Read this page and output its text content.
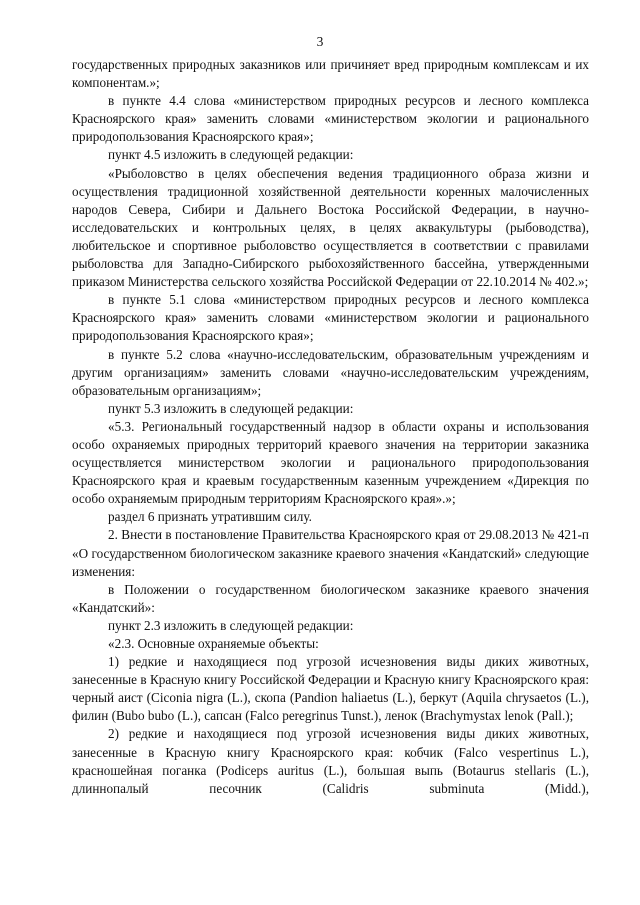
3

государственных природных заказников или причиняет вред природным комплексам и их компонентам.»;

в пункте 4.4 слова «министерством природных ресурсов и лесного комплекса Красноярского края» заменить словами «министерством экологии и рационального природопользования Красноярского края»;

пункт 4.5 изложить в следующей редакции:

«Рыболовство в целях обеспечения ведения традиционного образа жизни и осуществления традиционной хозяйственной деятельности коренных малочисленных народов Севера, Сибири и Дальнего Востока Российской Федерации, в научно-исследовательских и контрольных целях, в целях аквакультуры (рыбоводства), любительское и спортивное рыболовство осуществляется в соответствии с правилами рыболовства для Западно-Сибирского рыбохозяйственного бассейна, утвержденными приказом Министерства сельского хозяйства Российской Федерации от 22.10.2014 № 402.»;

в пункте 5.1 слова «министерством природных ресурсов и лесного комплекса Красноярского края» заменить словами «министерством экологии и рационального природопользования Красноярского края»;

в пункте 5.2 слова «научно-исследовательским, образовательным учреждениям и другим организациям» заменить словами «научно-исследовательским учреждениям, образовательным организациям»;

пункт 5.3 изложить в следующей редакции:

«5.3. Региональный государственный надзор в области охраны и использования особо охраняемых природных территорий краевого значения на территории заказника осуществляется министерством экологии и рационального природопользования Красноярского края и краевым государственным казенным учреждением «Дирекция по особо охраняемым природным территориям Красноярского края».»;

раздел 6 признать утратившим силу.

2. Внести в постановление Правительства Красноярского края от 29.08.2013 № 421-п «О государственном биологическом заказнике краевого значения «Кандатский» следующие изменения:

в Положении о государственном биологическом заказнике краевого значения «Кандатский»:

пункт 2.3 изложить в следующей редакции:

«2.3. Основные охраняемые объекты:

1) редкие и находящиеся под угрозой исчезновения виды диких животных, занесенные в Красную книгу Российской Федерации и Красную книгу Красноярского края: черный аист (Ciconia nigra (L.), скопа (Pandion haliaetus (L.), беркут (Aquila chrysaetos (L.), филин (Bubo bubo (L.), сапсан (Falco peregrinus Tunst.), ленок (Brachymystax lenok (Pall.);

2) редкие и находящиеся под угрозой исчезновения виды диких животных, занесенные в Красную книгу Красноярского края: кобчик (Falco vespertinus L.), красношейная поганка (Podiceps auritus (L.), большая выпь (Botaurus stellaris (L.), длиннопалый песочник (Calidris subminuta (Midd.),
